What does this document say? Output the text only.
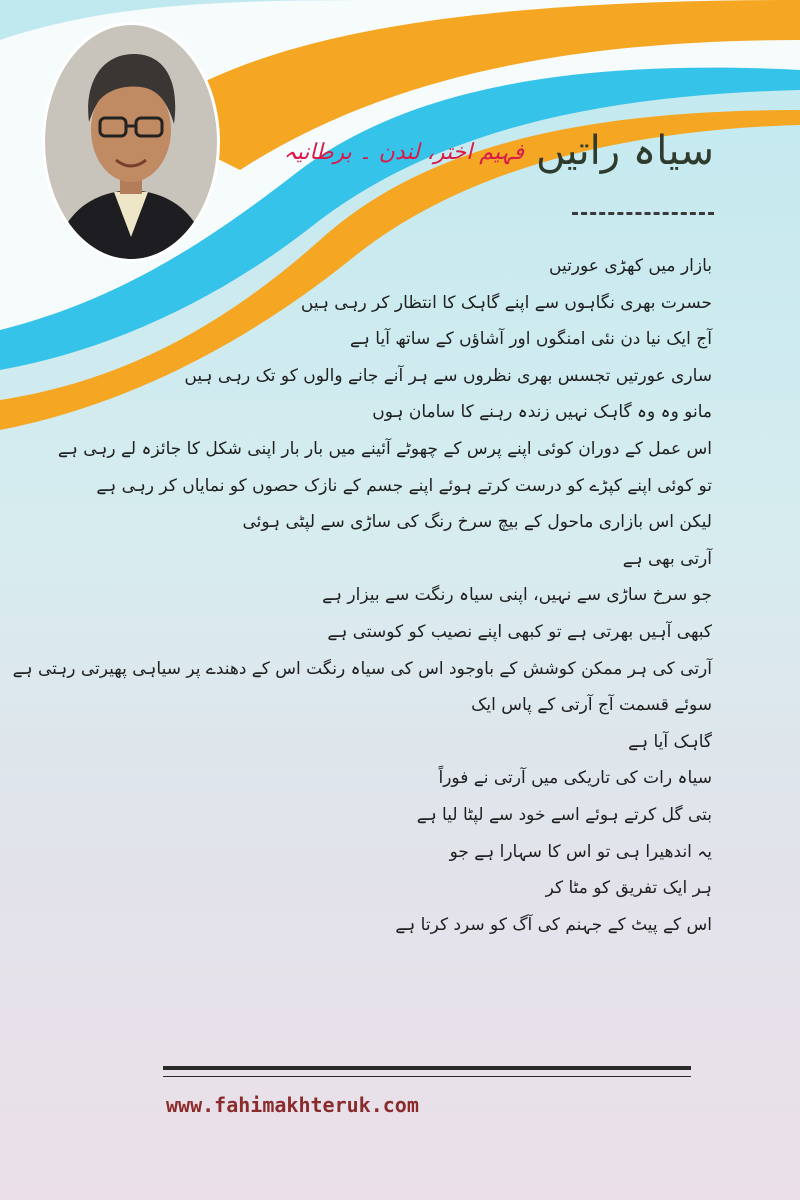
سیاہ راتیں
فہیم اختر، لندن ۔ برطانیہ
بازار میں کھڑی عورتیں
حسرت بھری نگاہوں سے اپنے گاہک کا انتظار کر رہی ہیں
آج ایک نیا دن نئی امنگوں اور آشاؤں کے ساتھ آیا ہے
ساری عورتیں تجسس بھری نظروں سے ہر آنے جانے والوں کو تک رہی ہیں
مانو وہ وہ گاہک نہیں زندہ رہنے کا سامان ہوں
اس عمل کے دوران کوئی اپنے پرس کے چھوٹے آئینے میں بار بار اپنی شکل کا جائزہ لے رہی ہے
تو کوئی اپنے کپڑے کو درست کرتے ہوئے اپنے جسم کے نازک حصوں کو نمایاں کر رہی ہے
لیکن اس بازاری ماحول کے بیچ سرخ رنگ کی ساڑی سے لپٹی ہوئی
آرتی بھی ہے
جو سرخ ساڑی سے نہیں، اپنی سیاہ رنگت سے بیزار ہے
کبھی آہیں بھرتی ہے تو کبھی اپنے نصیب کو کوستی ہے
آرتی کی ہر ممکن کوشش کے باوجود اس کی سیاہ رنگت اس کے دھندے پر سیاہی پھیرتی رہتی ہے
سوئے قسمت آج آرتی کے پاس ایک
گاہک آیا ہے
سیاہ رات کی تاریکی میں آرتی نے فوراً
بتی گل کرتے ہوئے اسے خود سے لپٹا لیا ہے
یہ اندھیرا ہی تو اس کا سہارا ہے جو
ہر ایک تفریق کو مٹا کر
اس کے پیٹ کے جہنم کی آگ کو سرد کرتا ہے
www.fahimakhteruk.com
